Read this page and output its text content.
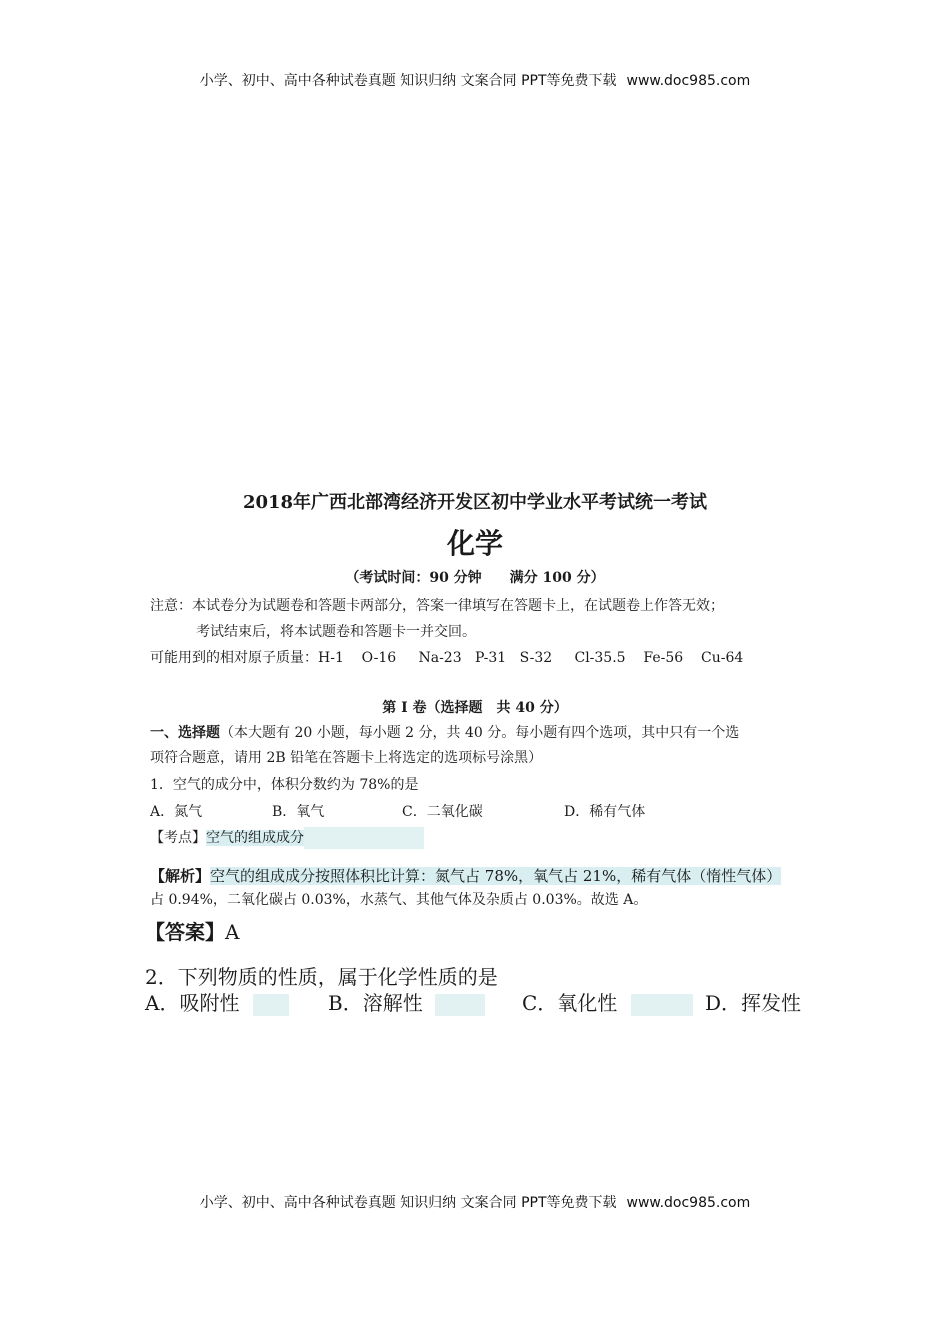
小学、初中、高中各种试卷真题 知识归纳 文案合同 PPT等免费下载 www.doc985.com
2018年广西北部湾经济开发区初中学业水平考试统一考试
化学
（考试时间：90 分钟　　满分 100 分）
注意：本试卷分为试题卷和答题卡两部分，答案一律填写在答题卡上，在试题卷上作答无效；
考试结束后，将本试题卷和答题卡一并交回。
可能用到的相对原子质量：H-1 O-16 Na-23 P-31 S-32 Cl-35.5 Fe-56 Cu-64
第 I 卷（选择题　共 40 分）
一、选择题（本大题有 20 小题，每小题 2 分，共 40 分。每小题有四个选项，其中只有一个选
项符合题意，请用 2B 铅笔在答题卡上将选定的选项标号涂黑）
1．空气的成分中，体积分数约为 78%的是
A．氮气	B．氧气	C．二氧化碳	D．稀有气体
【考点】空气的组成成分
【解析】空气的组成成分按照体积比计算：氮气占 78%，氧气占 21%，稀有气体（惰性气体）
占 0.94%，二氧化碳占 0.03%，水蒸气、其他气体及杂质占 0.03%。故选 A。
【答案】A
2．下列物质的性质，属于化学性质的是
A．吸附性	B．溶解性	C．氧化性	D．挥发性
小学、初中、高中各种试卷真题 知识归纳 文案合同 PPT等免费下载 www.doc985.com
